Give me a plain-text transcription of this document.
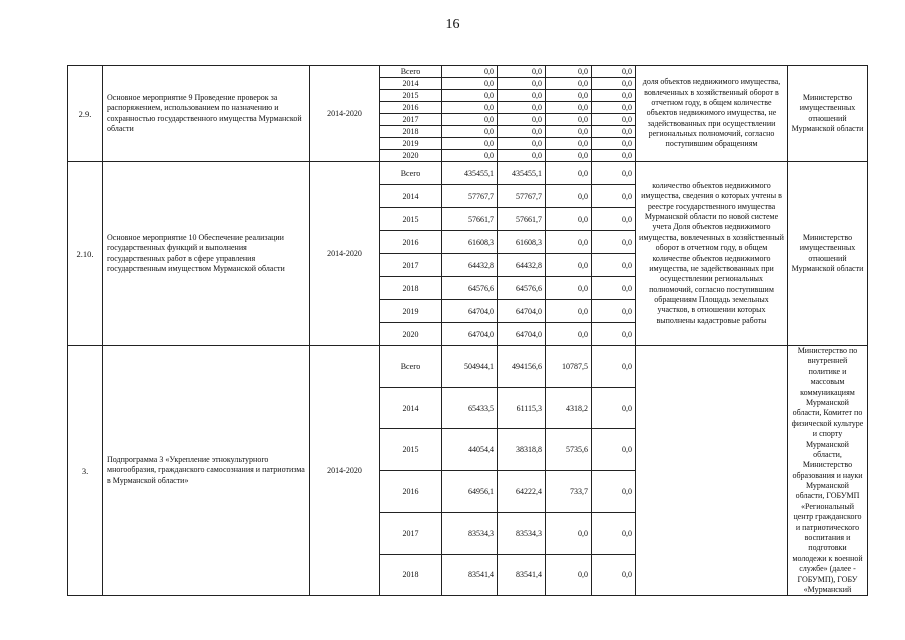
16
2.9.	Основное мероприятие 9 Проведение проверок за распоряжением, использованием по назначению и сохранностью государственного имущества Мурманской области	2014-2020	Всего	0,0	0,0	0,0	0,0	доля объектов недвижимого имущества, вовлеченных в хозяйственный оборот в отчетном году, в общем количестве объектов недвижимого имущества, не задействованных при осуществлении региональных полномочий, согласно поступившим обращениям	Министерство имущественных отношений Мурманской области
			2014	0,0	0,0	0,0	0,0		
			2015	0,0	0,0	0,0	0,0		
			2016	0,0	0,0	0,0	0,0		
			2017	0,0	0,0	0,0	0,0		
			2018	0,0	0,0	0,0	0,0		
			2019	0,0	0,0	0,0	0,0		
			2020	0,0	0,0	0,0	0,0		
2.10.	Основное мероприятие 10 Обеспечение реализации государственных функций и выполнения государственных работ в сфере управления государственным имуществом Мурманской области	2014-2020	Всего	435455,1	435455,1	0,0	0,0	количество объектов недвижимого имущества, сведения о которых учтены в реестре государственного имущества Мурманской области по новой системе учета Доля объектов недвижимого имущества, вовлеченных в хозяйственный оборот в отчетном году, в общем количестве объектов недвижимого имущества, не задействованных при осуществлении региональных полномочий, согласно поступившим обращениям Площадь земельных участков, в отношении которых выполнены кадастровые работы	Министерство имущественных отношений Мурманской области
			2014	57767,7	57767,7	0,0	0,0		
			2015	57661,7	57661,7	0,0	0,0		
			2016	61608,3	61608,3	0,0	0,0		
			2017	64432,8	64432,8	0,0	0,0		
			2018	64576,6	64576,6	0,0	0,0		
			2019	64704,0	64704,0	0,0	0,0		
			2020	64704,0	64704,0	0,0	0,0		
3.	Подпрограмма 3 «Укрепление этнокультурного многообразия, гражданского самосознания и патриотизма в Мурманской области»	2014-2020	Всего	504944,1	494156,6	10787,5	0,0		Министерство по внутренней политике и массовым коммуникациям Мурманской области, Комитет по физической культуре и спорту Мурманской области, Министерство образования и науки Мурманской области, ГОБУМП «Региональный центр гражданского и патриотического воспитания и подготовки молодежи к военной службе» (далее - ГОБУМП), ГОБУ «Мурманский
			2014	65433,5	61115,3	4318,2	0,0		
			2015	44054,4	38318,8	5735,6	0,0		
			2016	64956,1	64222,4	733,7	0,0		
			2017	83534,3	83534,3	0,0	0,0		
			2018	83541,4	83541,4	0,0	0,0		
